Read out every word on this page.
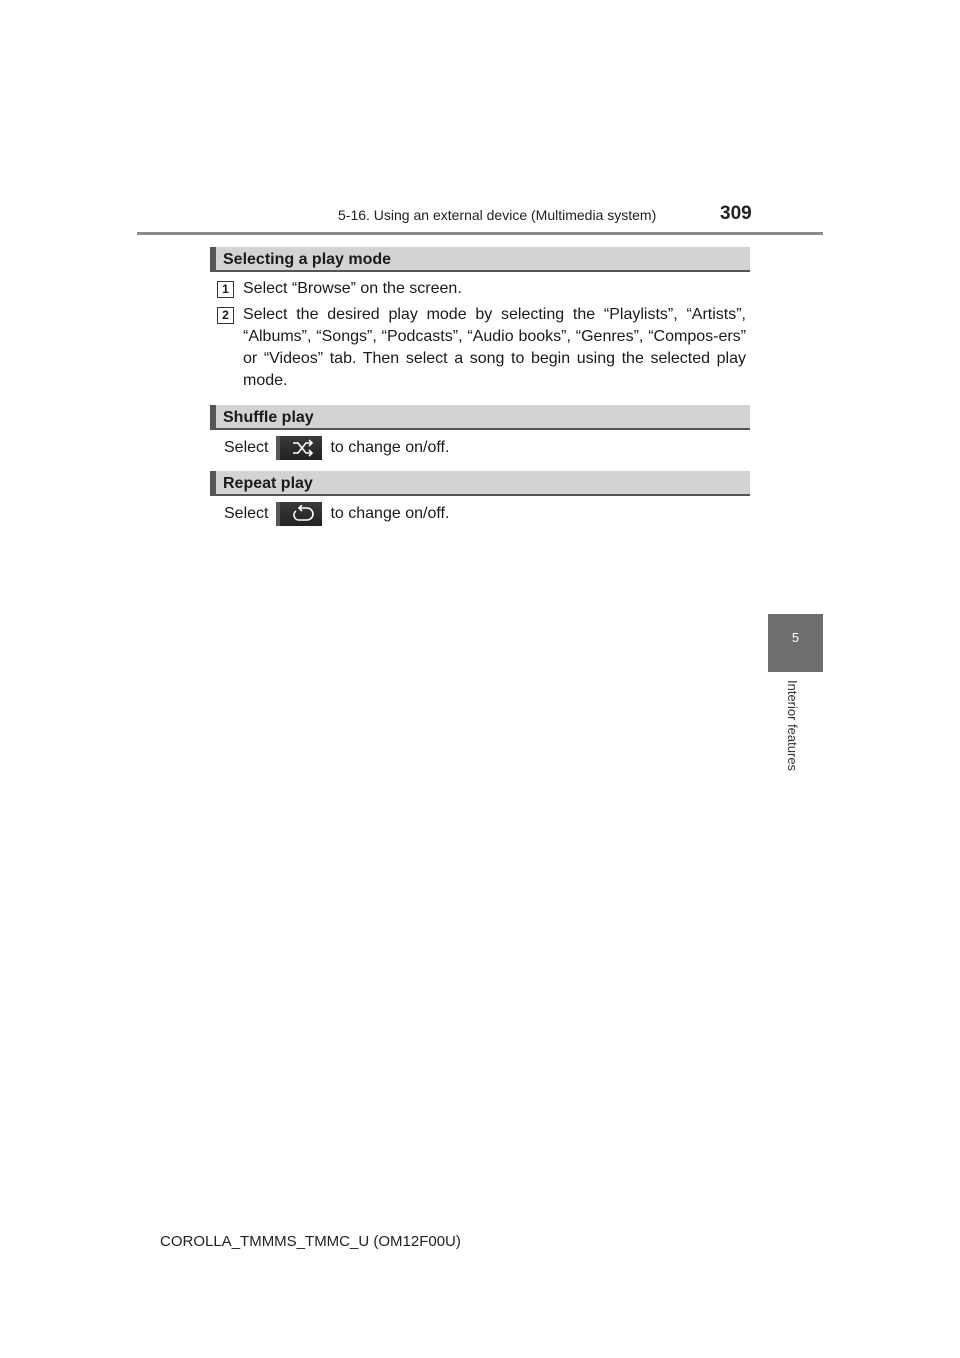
5-16. Using an external device (Multimedia system)	309
5
Interior features
Selecting a play mode
1 Select “Browse” on the screen.
2 Select the desired play mode by selecting the “Playlists”, “Artists”, “Albums”, “Songs”, “Podcasts”, “Audio books”, “Genres”, “Compos-ers” or “Videos” tab. Then select a song to begin using the selected play mode.
Shuffle play
Select	to change on/off.
Repeat play
Select	to change on/off.
COROLLA_TMMMS_TMMC_U (OM12F00U)
